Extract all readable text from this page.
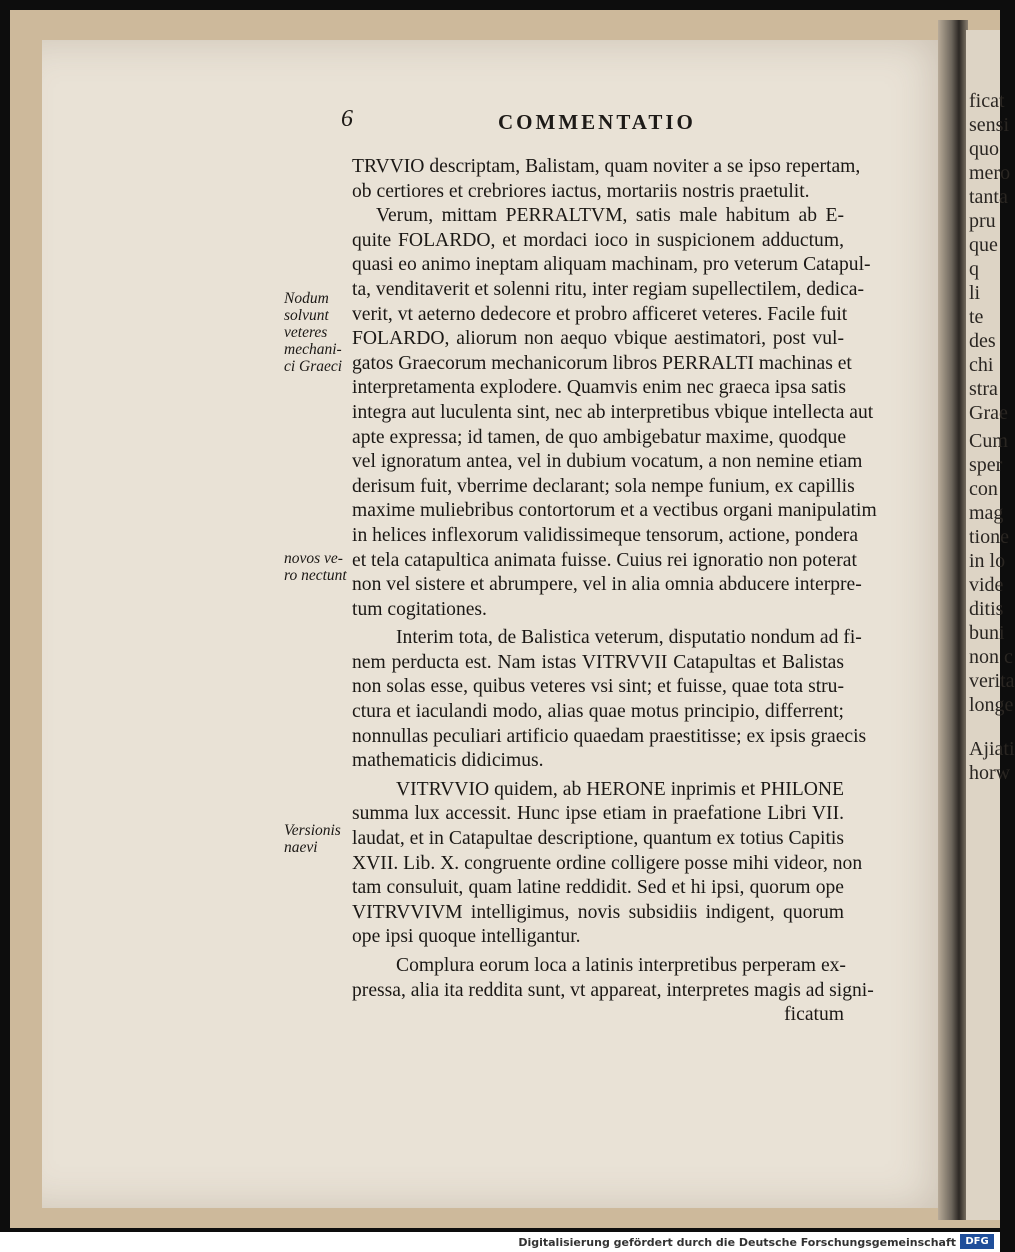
ficat
sensi
quo
mero
tanta
pru
que
q
li
te
des
chi
stra
Grae
Cum
sper
con
mag
tione
in lo
vide
ditis
buni
non c
verita
longe
Ajiati
horw
6	COMMENTATIO
Nodum
solvunt
veteres
mechani-
ci Graeci
novos ve-
ro nectunt
Versionis
naevi
TRVVIO descriptam, Balistam, quam noviter a se ipso repertam,
ob certiores et crebriores iactus, mortariis nostris praetulit.
Verum, mittam PERRALTVM, satis male habitum ab E-
quite FOLARDO, et mordaci ioco in suspicionem adductum,
quasi eo animo ineptam aliquam machinam, pro veterum Catapul-
ta, venditaverit et solenni ritu, inter regiam supellectilem, dedica-
verit, vt aeterno dedecore et probro afficeret veteres. Facile fuit
FOLARDO, aliorum non aequo vbique aestimatori, post vul-
gatos Graecorum mechanicorum libros PERRALTI machinas et
interpretamenta explodere. Quamvis enim nec graeca ipsa satis
integra aut luculenta sint, nec ab interpretibus vbique intellecta aut
apte expressa; id tamen, de quo ambigebatur maxime, quodque
vel ignoratum antea, vel in dubium vocatum, a non nemine etiam
derisum fuit, vberrime declarant; sola nempe funium, ex capillis
maxime muliebribus contortorum et a vectibus organi manipulatim
in helices inflexorum validissimeque tensorum, actione, pondera
et tela catapultica animata fuisse. Cuius rei ignoratio non poterat
non vel sistere et abrumpere, vel in alia omnia abducere interpre-
tum cogitationes.
Interim tota, de Balistica veterum, disputatio nondum ad fi-
nem perducta est. Nam istas VITRVVII Catapultas et Balistas
non solas esse, quibus veteres vsi sint; et fuisse, quae tota stru-
ctura et iaculandi modo, alias quae motus principio, differrent;
nonnullas peculiari artificio quaedam praestitisse; ex ipsis graecis
mathematicis didicimus.
VITRVVIO quidem, ab HERONE inprimis et PHILONE
summa lux accessit. Hunc ipse etiam in praefatione Libri VII.
laudat, et in Catapultae descriptione, quantum ex totius Capitis
XVII. Lib. X. congruente ordine colligere posse mihi videor, non
tam consuluit, quam latine reddidit. Sed et hi ipsi, quorum ope
VITRVVIVM intelligimus, novis subsidiis indigent, quorum
ope ipsi quoque intelligantur.
Complura eorum loca a latinis interpretibus perperam ex-
pressa, alia ita reddita sunt, vt appareat, interpretes magis ad signi-
ficatum
Digitalisierung gefördert durch die Deutsche Forschungsgemeinschaft DFG
